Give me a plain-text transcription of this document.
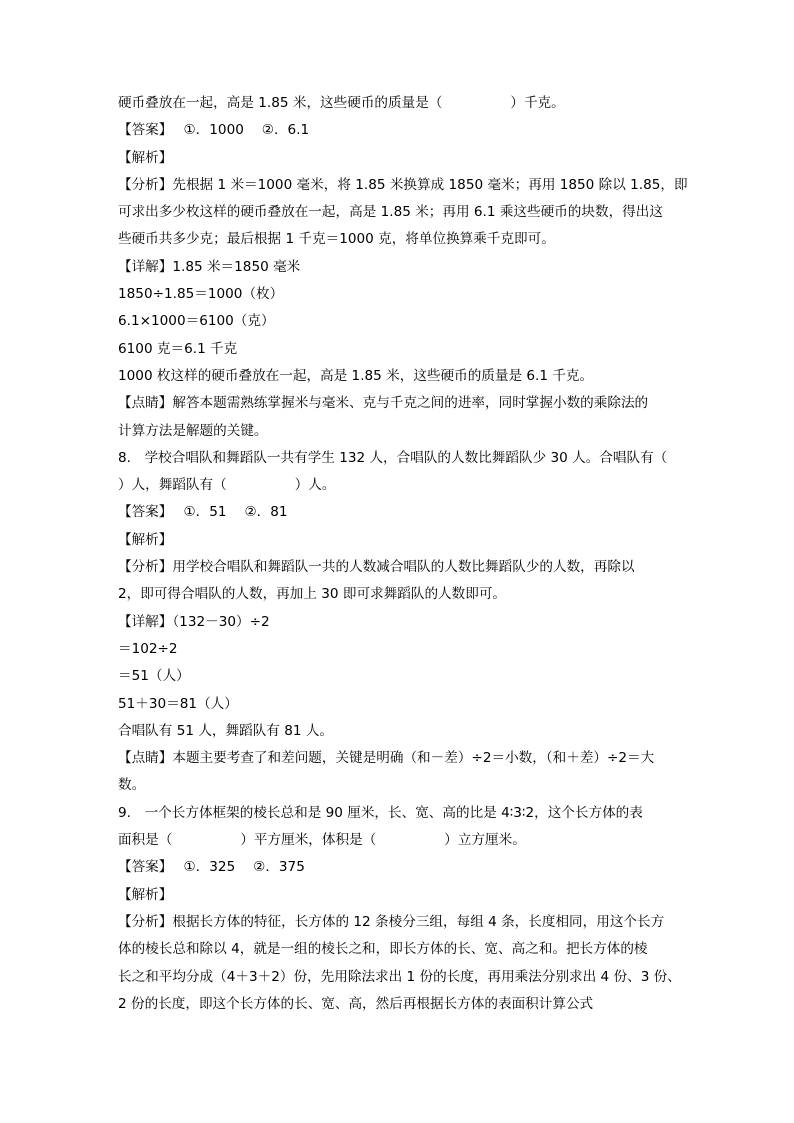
硬币叠放在一起，高是 1.85 米，这些硬币的质量是（　　　　　）千克。
【答案】　 ①．1000　 ②．6.1
【解析】
【分析】先根据 1 米＝1000 毫米，将 1.85 米换算成 1850 毫米；再用 1850 除以 1.85，即
可求出多少枚这样的硬币叠放在一起，高是 1.85 米；再用 6.1 乘这些硬币的块数，得出这
些硬币共多少克；最后根据 1 千克＝1000 克，将单位换算乘千克即可。
【详解】1.85 米＝1850 毫米
1850÷1.85＝1000（枚）
6.1×1000＝6100（克）
6100 克＝6.1 千克
1000 枚这样的硬币叠放在一起，高是 1.85 米，这些硬币的质量是 6.1 千克。
【点睛】解答本题需熟练掌握米与毫米、克与千克之间的进率，同时掌握小数的乘除法的
计算方法是解题的关键。
8.　学校合唱队和舞蹈队一共有学生 132 人，合唱队的人数比舞蹈队少 30 人。合唱队有（
）人，舞蹈队有（　　　　　）人。
【答案】　 ①．51　 ②．81
【解析】
【分析】用学校合唱队和舞蹈队一共的人数减合唱队的人数比舞蹈队少的人数，再除以
2，即可得合唱队的人数，再加上 30 即可求舞蹈队的人数即可。
【详解】（132－30）÷2
＝102÷2
＝51（人）
51＋30＝81（人）
合唱队有 51 人，舞蹈队有 81 人。
【点睛】本题主要考查了和差问题，关键是明确（和－差）÷2＝小数，（和＋差）÷2＝大
数。
9.　一个长方体框架的棱长总和是 90 厘米，长、宽、高的比是 4∶3∶2，这个长方体的表
面积是（　　　　　）平方厘米，体积是（　　　　　）立方厘米。
【答案】　 ①．325　 ②．375
【解析】
【分析】根据长方体的特征，长方体的 12 条棱分三组，每组 4 条，长度相同，用这个长方
体的棱长总和除以 4，就是一组的棱长之和，即长方体的长、宽、高之和。把长方体的棱
长之和平均分成（4＋3＋2）份，先用除法求出 1 份的长度，再用乘法分别求出 4 份、3 份、
2 份的长度，即这个长方体的长、宽、高，然后再根据长方体的表面积计算公式
